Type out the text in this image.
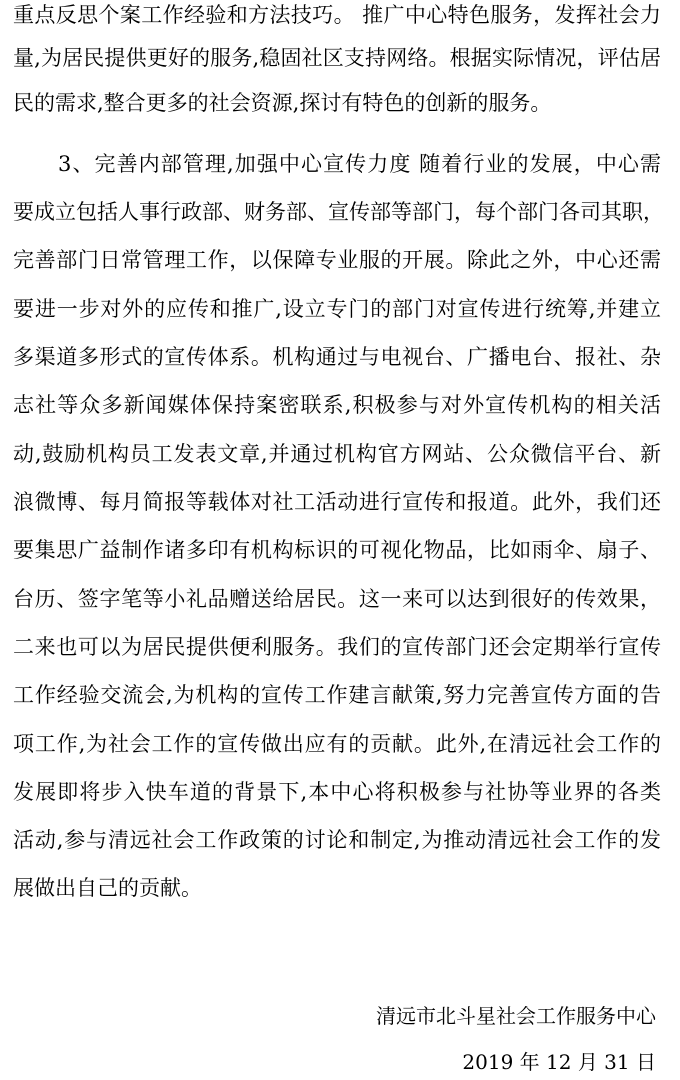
重点反思个案工作经验和方法技巧。 推广中心特色服务，发挥社会力
量,为居民提供更好的服务,稳固社区支持网络。根据实际情况，评估居
民的需求,整合更多的社会资源,探讨有特色的创新的服务。
3、完善内部管理,加强中心宣传力度 随着行业的发展，中心需
要成立包括人事行政部、财务部、宣传部等部门，每个部门各司其职，
完善部门日常管理工作，以保障专业服的开展。除此之外，中心还需
要进一步对外的应传和推广,设立专门的部门对宣传进行统筹,并建立
多渠道多形式的宣传体系。机构通过与电视台、广播电台、报社、杂
志社等众多新闻媒体保持案密联系,积极参与对外宣传机构的相关活
动,鼓励机构员工发表文章,并通过机构官方网站、公众微信平台、新
浪微博、每月简报等载体对社工活动进行宣传和报道。此外，我们还
要集思广益制作诸多印有机构标识的可视化物品，比如雨伞、扇子、
台历、签字笔等小礼品赠送给居民。这一来可以达到很好的传效果，
二来也可以为居民提供便利服务。我们的宣传部门还会定期举行宣传
工作经验交流会,为机构的宣传工作建言献策,努力完善宣传方面的告
项工作,为社会工作的宣传做出应有的贡献。此外,在清远社会工作的
发展即将步入快车道的背景下,本中心将积极参与社协等业界的各类
活动,参与清远社会工作政策的讨论和制定,为推动清远社会工作的发
展做出自己的贡献。
清远市北斗星社会工作服务中心
2019 年 12 月 31 日
